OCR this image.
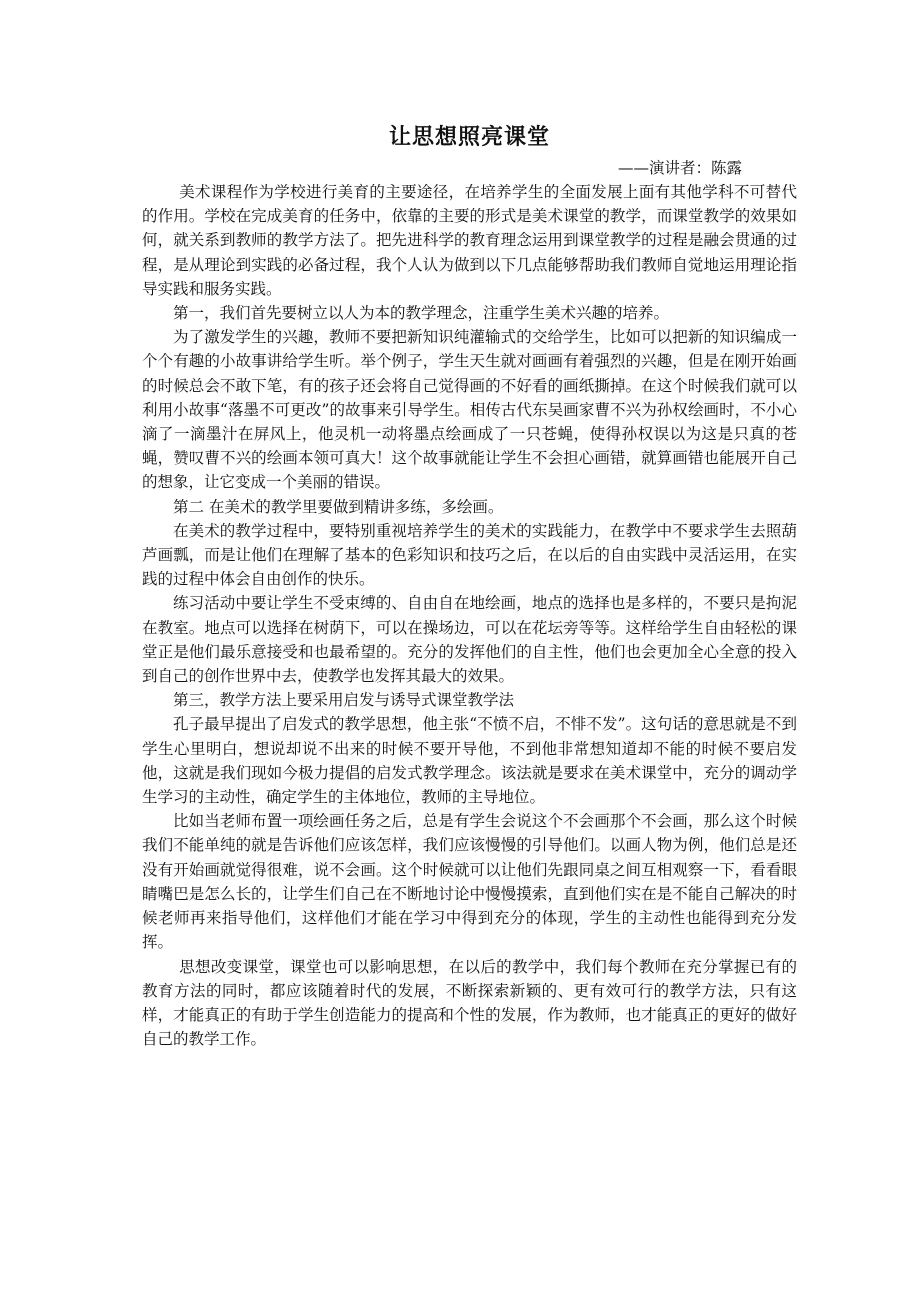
让思想照亮课堂

——演讲者：陈露

美术课程作为学校进行美育的主要途径，在培养学生的全面发展上面有其他学科不可替代的作用。学校在完成美育的任务中，依靠的主要的形式是美术课堂的教学，而课堂教学的效果如何，就关系到教师的教学方法了。把先进科学的教育理念运用到课堂教学的过程是融会贯通的过程，是从理论到实践的必备过程，我个人认为做到以下几点能够帮助我们教师自觉地运用理论指导实践和服务实践。

第一，我们首先要树立以人为本的教学理念，注重学生美术兴趣的培养。

为了激发学生的兴趣，教师不要把新知识纯灌输式的交给学生，比如可以把新的知识编成一个个有趣的小故事讲给学生听。举个例子，学生天生就对画画有着强烈的兴趣，但是在刚开始画的时候总会不敢下笔，有的孩子还会将自己觉得画的不好看的画纸撕掉。在这个时候我们就可以利用小故事“落墨不可更改”的故事来引导学生。相传古代东吴画家曹不兴为孙权绘画时，不小心滴了一滴墨汁在屏风上，他灵机一动将墨点绘画成了一只苍蝇，使得孙权误以为这是只真的苍蝇，赞叹曹不兴的绘画本领可真大！这个故事就能让学生不会担心画错，就算画错也能展开自己的想象，让它变成一个美丽的错误。

第二 在美术的教学里要做到精讲多练，多绘画。

在美术的教学过程中，要特别重视培养学生的美术的实践能力，在教学中不要求学生去照葫芦画瓢，而是让他们在理解了基本的色彩知识和技巧之后，在以后的自由实践中灵活运用，在实践的过程中体会自由创作的快乐。

练习活动中要让学生不受束缚的、自由自在地绘画，地点的选择也是多样的，不要只是拘泥在教室。地点可以选择在树荫下，可以在操场边，可以在花坛旁等等。这样给学生自由轻松的课堂正是他们最乐意接受和也最希望的。充分的发挥他们的自主性，他们也会更加全心全意的投入到自己的创作世界中去，使教学也发挥其最大的效果。

第三，教学方法上要采用启发与诱导式课堂教学法

孔子最早提出了启发式的教学思想，他主张“不愤不启，不悱不发”。这句话的意思就是不到学生心里明白，想说却说不出来的时候不要开导他，不到他非常想知道却不能的时候不要启发他，这就是我们现如今极力提倡的启发式教学理念。该法就是要求在美术课堂中，充分的调动学生学习的主动性，确定学生的主体地位，教师的主导地位。

比如当老师布置一项绘画任务之后，总是有学生会说这个不会画那个不会画，那么这个时候我们不能单纯的就是告诉他们应该怎样，我们应该慢慢的引导他们。以画人物为例，他们总是还没有开始画就觉得很难，说不会画。这个时候就可以让他们先跟同桌之间互相观察一下，看看眼睛嘴巴是怎么长的，让学生们自己在不断地讨论中慢慢摸索，直到他们实在是不能自己解决的时候老师再来指导他们，这样他们才能在学习中得到充分的体现，学生的主动性也能得到充分发挥。

思想改变课堂，课堂也可以影响思想，在以后的教学中，我们每个教师在充分掌握已有的教育方法的同时，都应该随着时代的发展，不断探索新颖的、更有效可行的教学方法，只有这样，才能真正的有助于学生创造能力的提高和个性的发展，作为教师，也才能真正的更好的做好自己的教学工作。
